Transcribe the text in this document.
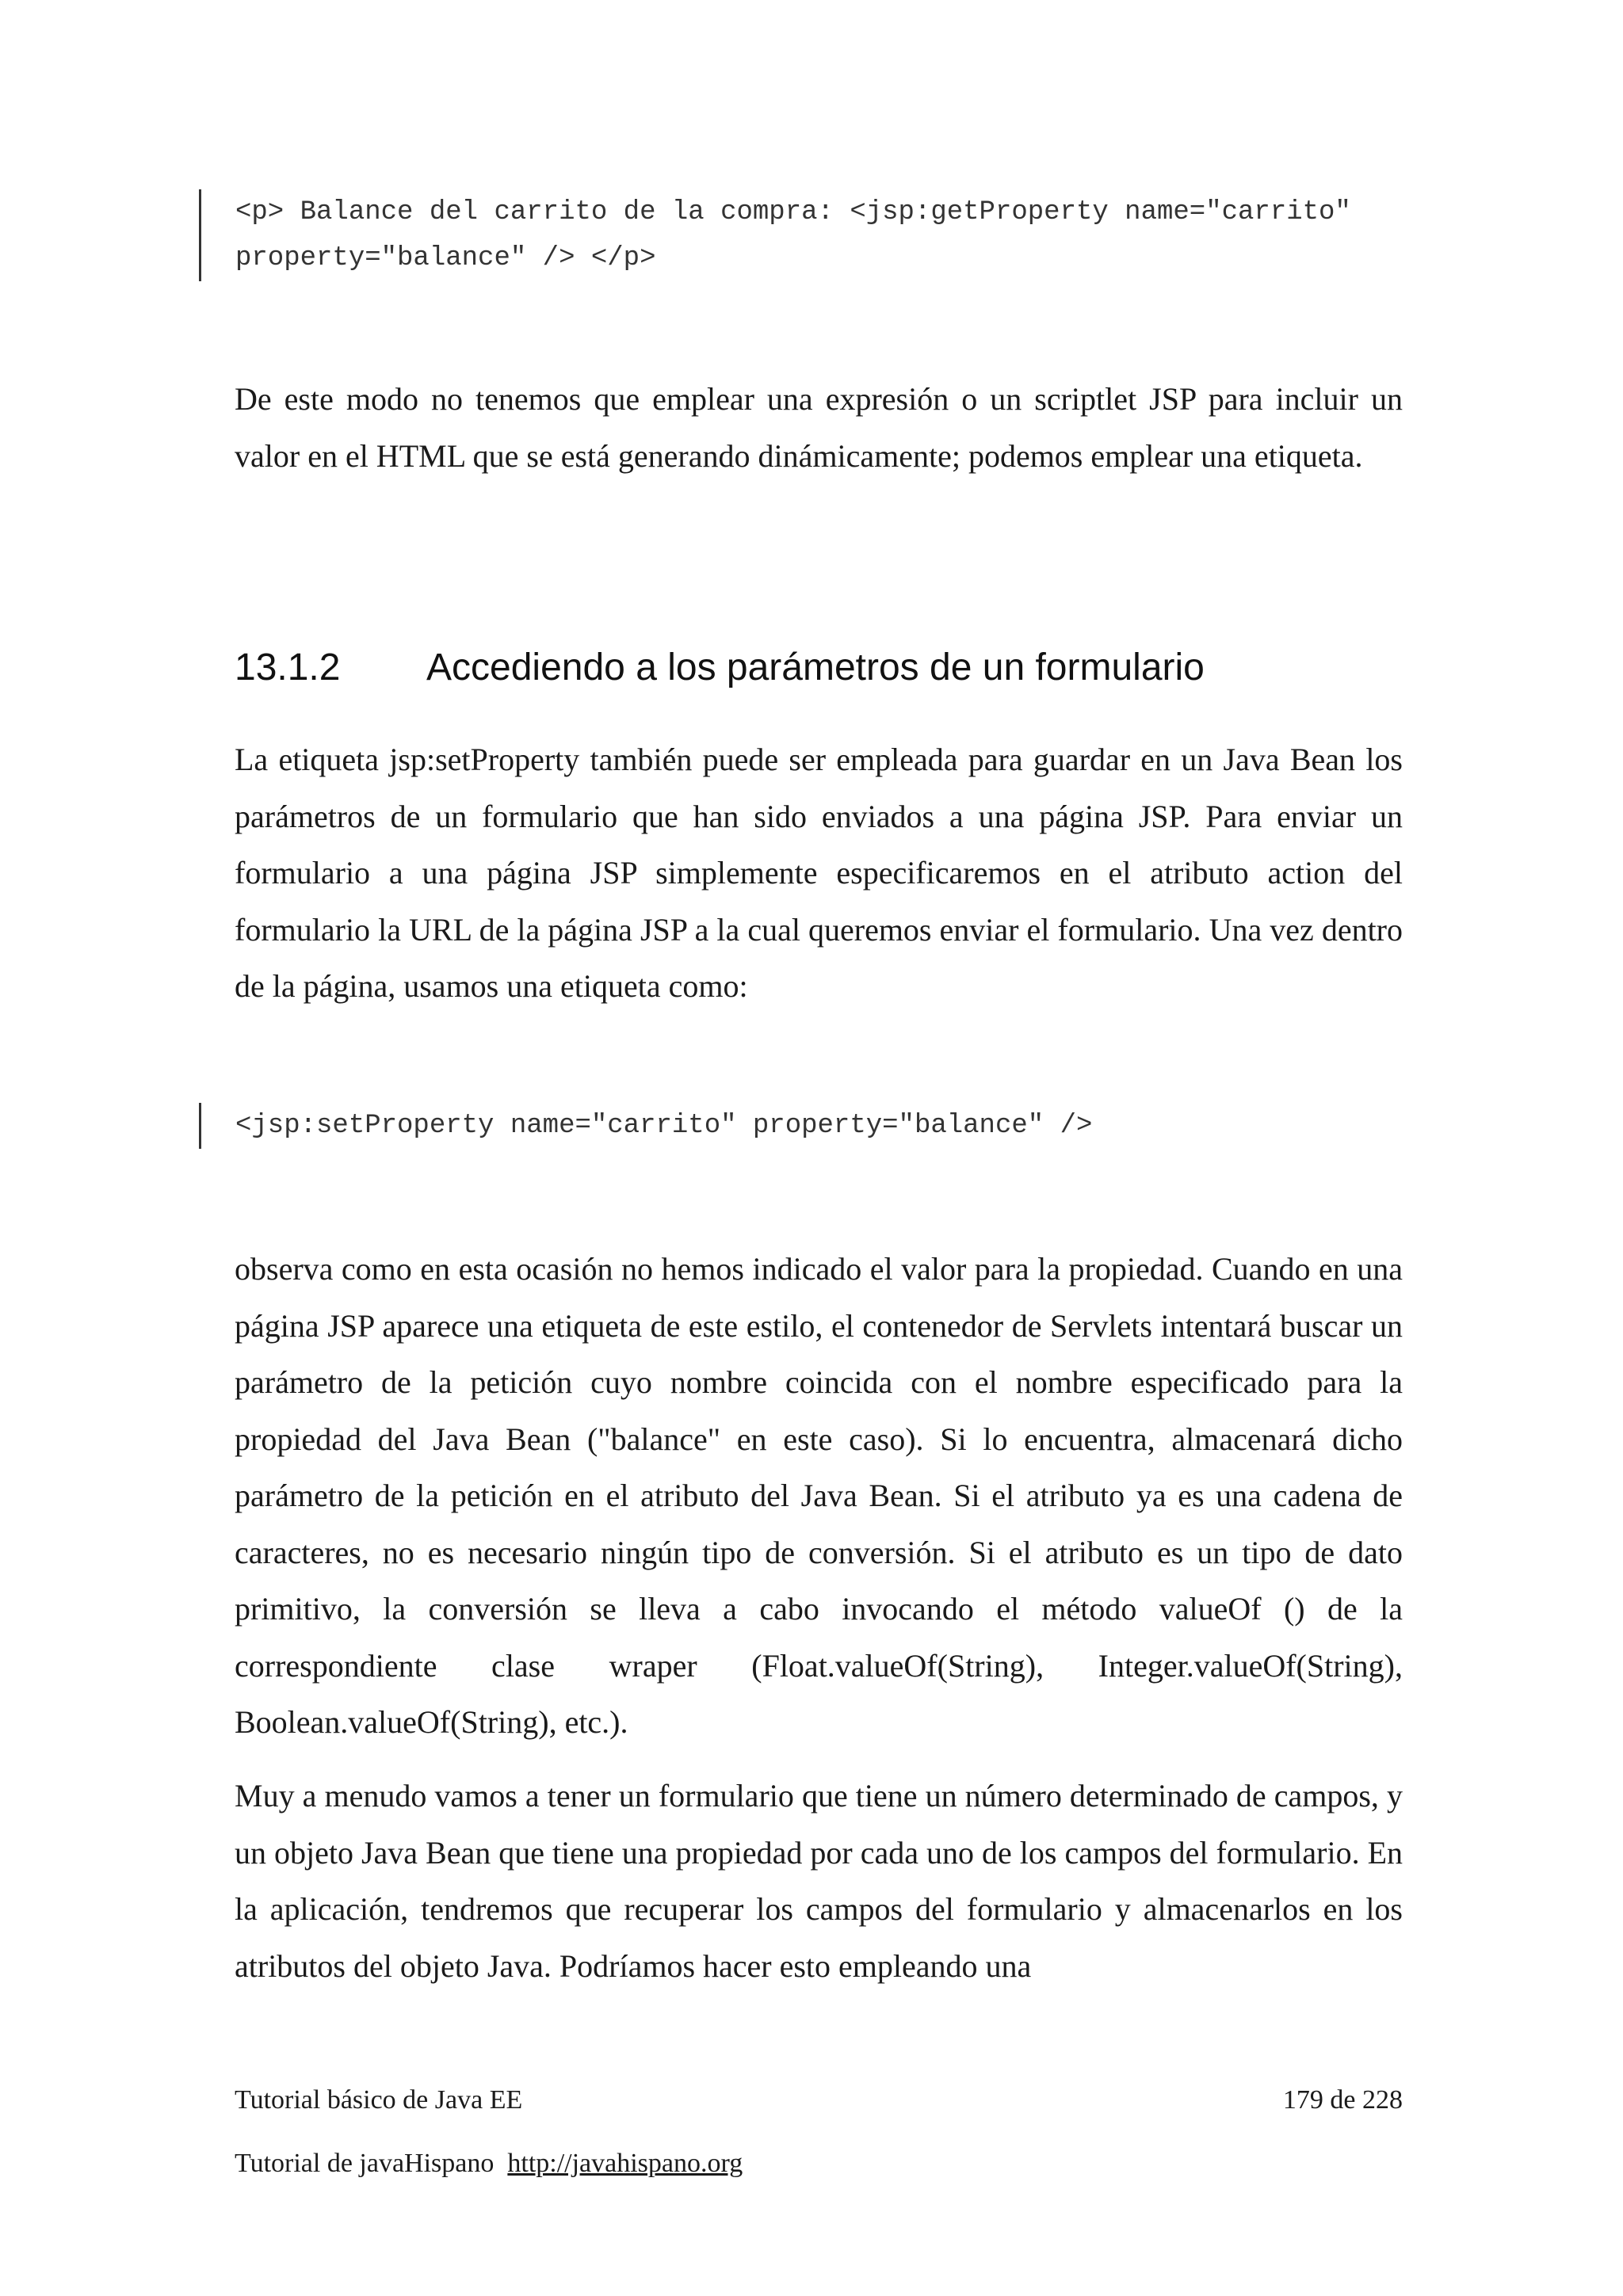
<p> Balance del carrito de la compra: <jsp:getProperty name="carrito"
property="balance" /> </p>

De este modo no tenemos que emplear una expresión o un scriptlet JSP para incluir un valor en el HTML que se está generando dinámicamente; podemos emplear una etiqueta.

13.1.2 Accediendo a los parámetros de un formulario

La etiqueta jsp:setProperty también puede ser empleada para guardar en un Java Bean los parámetros de un formulario que han sido enviados a una página JSP. Para enviar un formulario a una página JSP simplemente especificaremos en el atributo action del formulario la URL de la página JSP a la cual queremos enviar el formulario. Una vez dentro de la página, usamos una etiqueta como:

<jsp:setProperty name="carrito" property="balance" />

observa como en esta ocasión no hemos indicado el valor para la propiedad. Cuando en una página JSP aparece una etiqueta de este estilo, el contenedor de Servlets intentará buscar un parámetro de la petición cuyo nombre coincida con el nombre especificado para la propiedad del Java Bean ("balance" en este caso). Si lo encuentra, almacenará dicho parámetro de la petición en el atributo del Java Bean. Si el atributo ya es una cadena de caracteres, no es necesario ningún tipo de conversión. Si el atributo es un tipo de dato primitivo, la conversión se lleva a cabo invocando el método valueOf () de la correspondiente clase wraper (Float.valueOf(String), Integer.valueOf(String), Boolean.valueOf(String), etc.).

Muy a menudo vamos a tener un formulario que tiene un número determinado de campos, y un objeto Java Bean que tiene una propiedad por cada uno de los campos del formulario. En la aplicación, tendremos que recuperar los campos del formulario y almacenarlos en los atributos del objeto Java. Podríamos hacer esto empleando una

Tutorial básico de Java EE	179 de 228
Tutorial de javaHispano http://javahispano.org
